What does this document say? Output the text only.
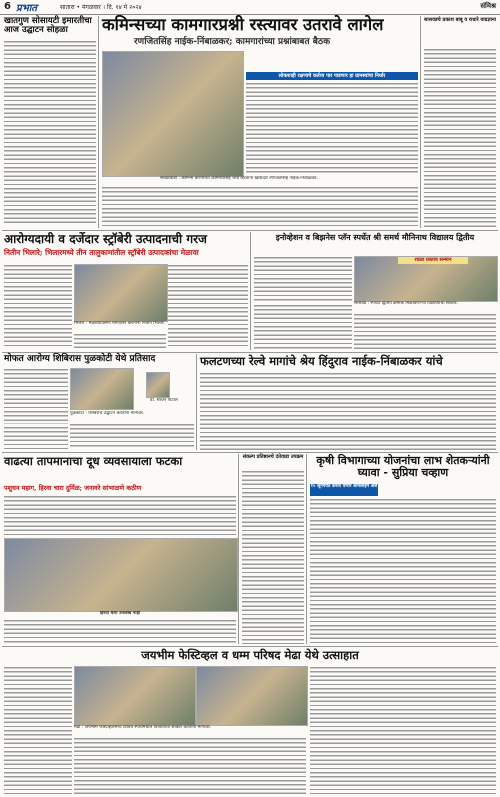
6 प्रभात	सातारा • मंगळवार । दि. १४ मे २०२४	संमिश्र
खातगुण सोसायटी इमारतीचा आज उद्घाटन सोहळा	कमिन्सच्या कामगारप्रश्नी रस्त्यावर उतरावे लागेल
रणजितसिंह नाईक-निंबाळकर; कामगारांच्या प्रश्नांबाबत बैठक
साखरवाडी : कमिन्स कंपनीच्या कामगारांसह चर्चा करताना खासदार रणजितसिंह नाईक-निंबाळकर.
लोकशाही रक्षणाचे कर्तव्य पार पाडणार हा ग्रामस्थांचा निर्धार
सासवडचे प्रकाश बाबू व राधारे याग्रज्ञाना
आरोग्यदायी व दर्जेदार स्ट्रॉबेरी उत्पादनाची गरज
नितीन भिलारे; भिलारमध्ये तीन तालुकामांतील स्ट्रॉबेरी उत्पादकांचा मेळावा
भिलार : मेळाव्याप्रसंगी मार्गदर्शन करताना नितीन भिलारे.
इनोव्हेशन व बिझनेस प्लॅन स्पर्धेत श्री समर्थ मौनिनाथ विद्यालय द्वितीय
शाळा प्रस्ताव सन्मान
सासवड : स्पर्धेत द्वितीय क्रमांक मिळविणाऱ्या विद्यार्थ्यांचा सत्कार.
मोफत आरोग्य शिबिरास पुळकोटी येथे प्रतिसाद
डॉ. सचिन पाटील
पुळकोटी : शिबिराचे उद्घाटन करताना मान्यवर.
फलटणच्या रेल्वे मागांचे श्रेय हिंदुराव नाईक-निंबाळकर यांचे
वाढत्या तापमानाचा दूध व्यवसायाला फटका
पशुधन महाग, हिरवा चारा दुर्मिळ; जनावरे सांभाळणे कठीण
हिरवा चारा उपलब्ध नाही
संकल्प प्रतिष्ठानचे दंतेवाडा उपक्रम	कृषी विभागाच्या योजनांचा लाभ शेतकऱ्यांनी घ्यावा - सुप्रिया चव्हाण
१५ जूनपर्यंत करता येणार ऑनलाइन अर्ज
जयभीम फेस्टिव्हल व धम्म परिषद मेढा येथे उत्साहात
मेढा : जयभीम फेस्टिव्हलमध्ये विविध स्पर्धांमधील विजेत्यांचा सत्कार करताना मान्यवर.
